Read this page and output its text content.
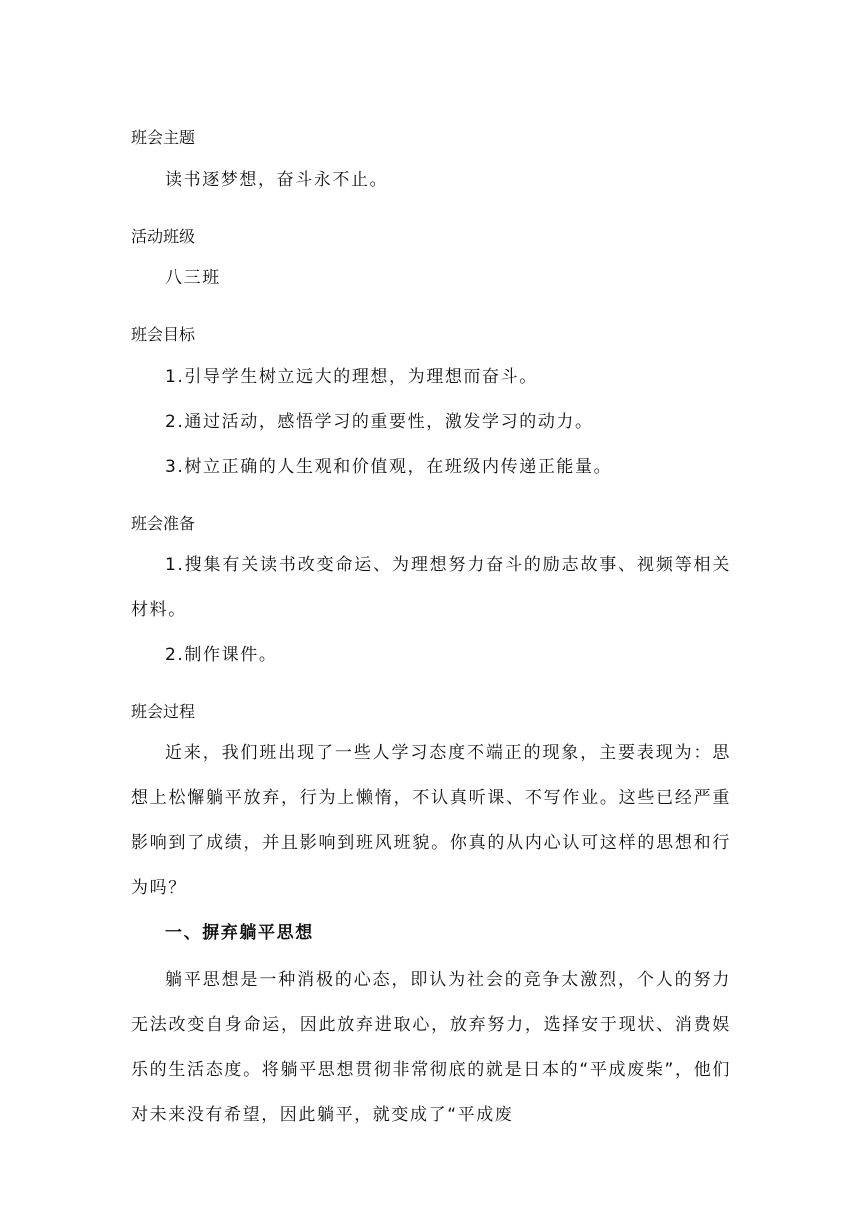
班会主题
读书逐梦想，奋斗永不止。
活动班级
八三班
班会目标
1.引导学生树立远大的理想，为理想而奋斗。
2.通过活动，感悟学习的重要性，激发学习的动力。
3.树立正确的人生观和价值观，在班级内传递正能量。
班会准备
1.搜集有关读书改变命运、为理想努力奋斗的励志故事、视频等相关材料。
2.制作课件。
班会过程
近来，我们班出现了一些人学习态度不端正的现象，主要表现为：思想上松懈躺平放弃，行为上懒惰，不认真听课、不写作业。这些已经严重影响到了成绩，并且影响到班风班貌。你真的从内心认可这样的思想和行为吗？
一、摒弃躺平思想
躺平思想是一种消极的心态，即认为社会的竞争太激烈，个人的努力无法改变自身命运，因此放弃进取心，放弃努力，选择安于现状、消费娱乐的生活态度。将躺平思想贯彻非常彻底的就是日本的“平成废柴”，他们对未来没有希望，因此躺平，就变成了“平成废
